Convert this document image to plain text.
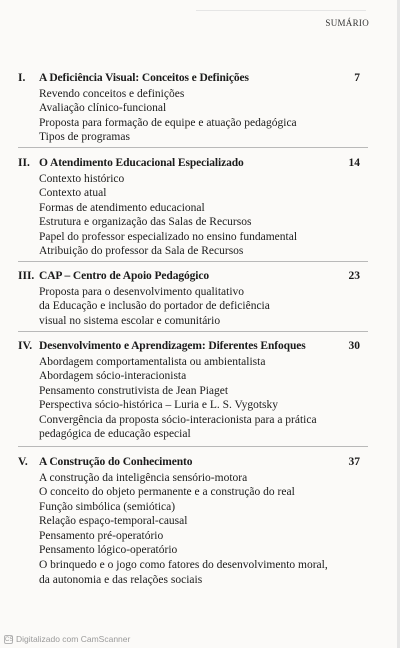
SUMÁRIO
I. A Deficiência Visual: Conceitos e Definições	7
Revendo conceitos e definições
Avaliação clínico-funcional
Proposta para formação de equipe e atuação pedagógica
Tipos de programas
II. O Atendimento Educacional Especializado	14
Contexto histórico
Contexto atual
Formas de atendimento educacional
Estrutura e organização das Salas de Recursos
Papel do professor especializado no ensino fundamental
Atribuição do professor da Sala de Recursos
III. CAP – Centro de Apoio Pedagógico	23
Proposta para o desenvolvimento qualitativo
da Educação e inclusão do portador de deficiência
visual no sistema escolar e comunitário
IV. Desenvolvimento e Aprendizagem: Diferentes Enfoques	30
Abordagem comportamentalista ou ambientalista
Abordagem sócio-interacionista
Pensamento construtivista de Jean Piaget
Perspectiva sócio-histórica – Luria e L. S. Vygotsky
Convergência da proposta sócio-interacionista para a prática
pedagógica de educação especial
V. A Construção do Conhecimento	37
A construção da inteligência sensório-motora
O conceito do objeto permanente e a construção do real
Função simbólica (semiótica)
Relação espaço-temporal-causal
Pensamento pré-operatório
Pensamento lógico-operatório
O brinquedo e o jogo como fatores do desenvolvimento moral,
da autonomia e das relações sociais
CS Digitalizado com CamScanner
